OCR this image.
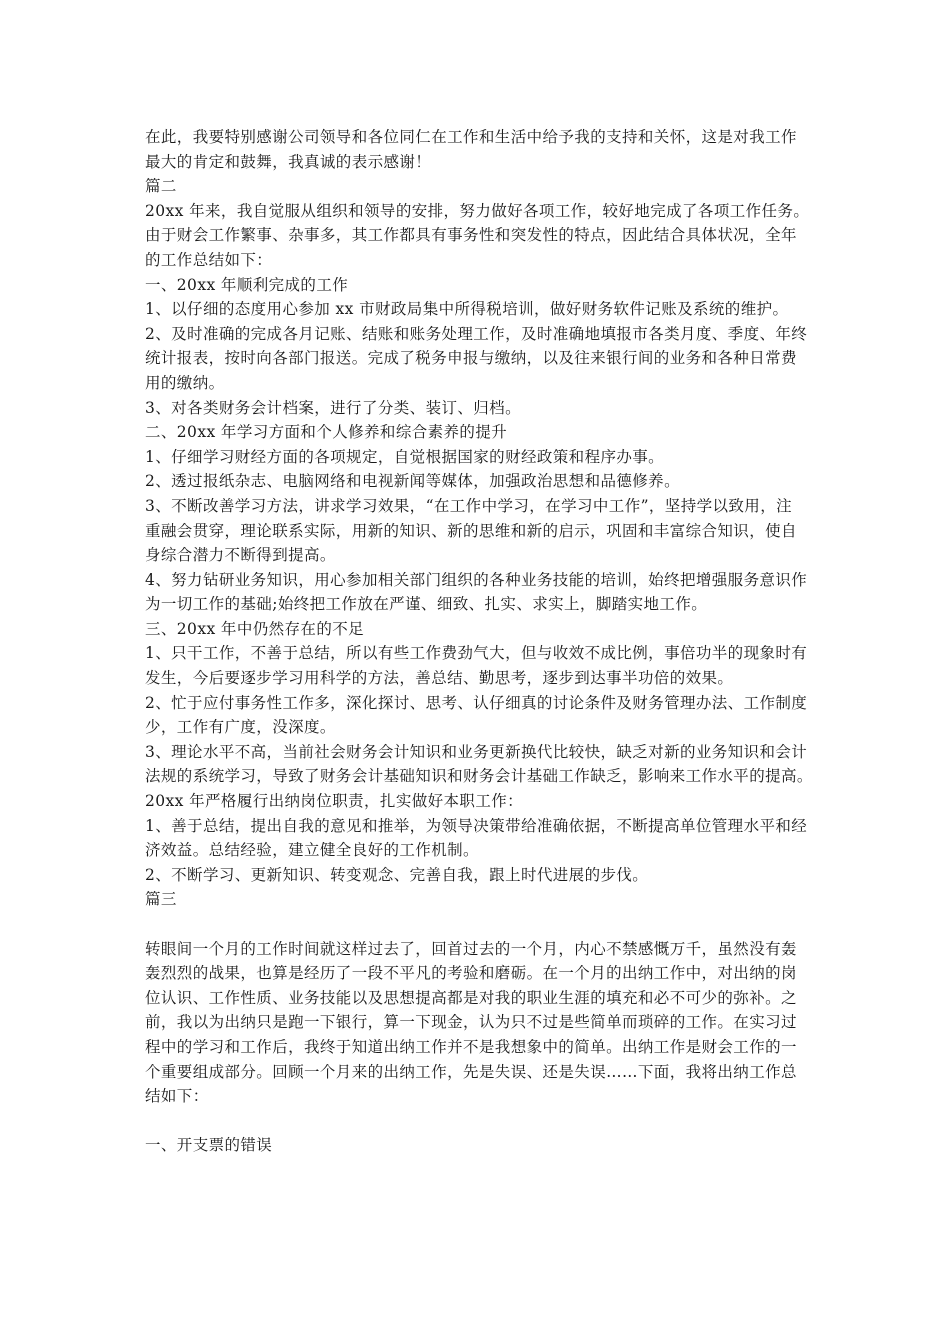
在此，我要特别感谢公司领导和各位同仁在工作和生活中给予我的支持和关怀，这是对我工作
最大的肯定和鼓舞，我真诚的表示感谢！
篇二
20xx 年来，我自觉服从组织和领导的安排，努力做好各项工作，较好地完成了各项工作任务。
由于财会工作繁事、杂事多，其工作都具有事务性和突发性的特点，因此结合具体状况，全年
的工作总结如下：
一、20xx 年顺利完成的工作
1、以仔细的态度用心参加 xx 市财政局集中所得税培训，做好财务软件记账及系统的维护。
2、及时准确的完成各月记账、结账和账务处理工作，及时准确地填报市各类月度、季度、年终
统计报表，按时向各部门报送。完成了税务申报与缴纳，以及往来银行间的业务和各种日常费
用的缴纳。
3、对各类财务会计档案，进行了分类、装订、归档。
二、20xx 年学习方面和个人修养和综合素养的提升
1、仔细学习财经方面的各项规定，自觉根据国家的财经政策和程序办事。
2、透过报纸杂志、电脑网络和电视新闻等媒体，加强政治思想和品德修养。
3、不断改善学习方法，讲求学习效果，“在工作中学习，在学习中工作”，坚持学以致用，注
重融会贯穿，理论联系实际，用新的知识、新的思维和新的启示，巩固和丰富综合知识，使自
身综合潜力不断得到提高。
4、努力钻研业务知识，用心参加相关部门组织的各种业务技能的培训，始终把增强服务意识作
为一切工作的基础;始终把工作放在严谨、细致、扎实、求实上，脚踏实地工作。
三、20xx 年中仍然存在的不足
1、只干工作，不善于总结，所以有些工作费劲气大，但与收效不成比例，事倍功半的现象时有
发生，今后要逐步学习用科学的方法，善总结、勤思考，逐步到达事半功倍的效果。
2、忙于应付事务性工作多，深化探讨、思考、认仔细真的讨论条件及财务管理办法、工作制度
少，工作有广度，没深度。
3、理论水平不高，当前社会财务会计知识和业务更新换代比较快，缺乏对新的业务知识和会计
法规的系统学习，导致了财务会计基础知识和财务会计基础工作缺乏，影响来工作水平的提高。
20xx 年严格履行出纳岗位职责，扎实做好本职工作：
1、善于总结，提出自我的意见和推举，为领导决策带给准确依据，不断提高单位管理水平和经
济效益。总结经验，建立健全良好的工作机制。
2、不断学习、更新知识、转变观念、完善自我，跟上时代进展的步伐。
篇三
转眼间一个月的工作时间就这样过去了，回首过去的一个月，内心不禁感慨万千，虽然没有轰
轰烈烈的战果，也算是经历了一段不平凡的考验和磨砺。在一个月的出纳工作中，对出纳的岗
位认识、工作性质、业务技能以及思想提高都是对我的职业生涯的填充和必不可少的弥补。之
前，我以为出纳只是跑一下银行，算一下现金，认为只不过是些简单而琐碎的工作。在实习过
程中的学习和工作后，我终于知道出纳工作并不是我想象中的简单。出纳工作是财会工作的一
个重要组成部分。回顾一个月来的出纳工作，先是失误、还是失误……下面，我将出纳工作总
结如下：
一、开支票的错误
